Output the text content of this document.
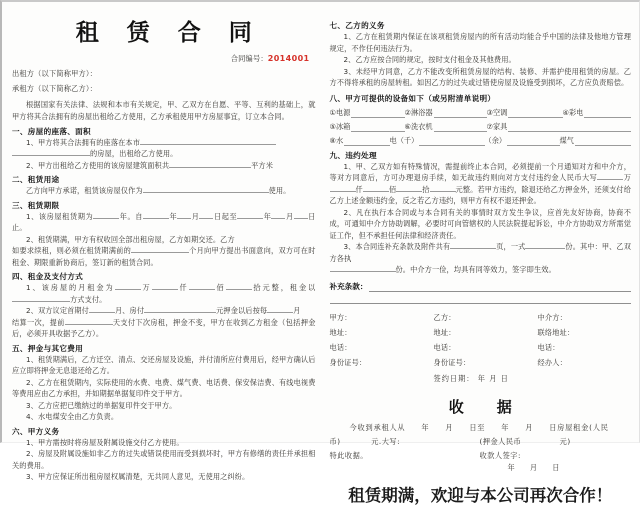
租 赁 合 同
合同编号：2014001
出租方（以下简称甲方）：
承租方（以下简称乙方）：
根据国家有关法律、法规和本市有关规定，甲、乙双方在自愿、平等、互利的基础上，就甲方将其合法拥有的房屋出租给乙方使用，乙方承租使用甲方房屋事宜，订立本合同。
一、房屋的座落、面积

1、甲方将其合法拥有的座落在本市

的房屋，出租给乙方使用。

2、甲方出租给乙方使用的该房屋建筑面积共	平方米

二、租赁用途

乙方向甲方承诺，租赁该房屋仅作为	使用。

三、租赁期限

1、该房屋租赁期为	年。自	年 月 日起至	年 月 日止。

2、租赁期满，甲方有权收回全部出租房屋，乙方如期交还。乙方

如要求续租，则必须在租赁期满前的	个月向甲方提出书面意向，双方可在时租金、期限重新协商后，签订新的租赁合同。

四、租金及支付方式

1、该房屋的月租金为	万	仟	佰	拾元整，租金以方式支付。

2、双方议定首期付	月、房付	元押金以后按每	月

结算一次，提前	天支付下次房租，押金不变，甲方在收到乙方租金（包括押金后，必须开具收据予乙方）。

五、押金与其它费用

1、租赁期满后，乙方迁空、清点、交还房屋及设施，并付清所应付费用后，经甲方确认后应立即将押金无息退还给乙方。

2、乙方在租赁期内，实际使用的水费、电费、煤气费、电话费、保安保洁费、有线电视费等费用应由乙方承担，并如期据单据复印件交于甲方。

3、乙方应把已缴纳过的单据复印件交于甲方。

4、水电煤安全由乙方负责。

六、甲方义务

1、甲方需按时将房屋及附属设施交付乙方使用。

2、房屋及附属设施如非乙方的过失或错误使用而受到损坏时，甲方有修缮的责任并承担相关的费用。

3、甲方应保证所出租房屋权属清楚，无共同人意见，无使用之纠纷。

七、乙方的义务

1、乙方在租赁期内保证在该项租赁房屋内的所有活动均能合乎中国的法律及他地方管理规定，不作任何违法行为。

2、乙方应按合同的规定，按时支付租金及其他费用。

3、未经甲方同意，乙方不能改变所租赁房屋的结构、装修、并需护使用租赁的房屋。乙方不得将承租的房屋转租。如因乙方的过失或过错使房屋及设施受到损坏，乙方应负责赔偿。

八、甲方可提供的设备如下（或另附清单说明）
①电源	②淋浴器	③空调	④彩电
⑤冰箱	⑥洗衣机	⑦家具
⑧水	电（千）	（余）	煤气
九、违约处理

1、甲、乙双方如有特殊情况，需提前终止本合同，必须提前一个月通知对方和中介方，等对方同意后，方可办理退房手续，如无故违约则向对方支付违约金人民币大写	万仟	佰	拾	元整。若甲方违约，除退还给乙方押金外，还须支付给乙方上述金额违约金，反之若乙方违约，则甲方有权不退还押金。

2、凡在执行本合同或与本合同有关的事情时双方发生争议，应首先友好协商，协商不成，可通知中介方协助调解，必要时可向管辖权的人民法院提起诉讼，中介方协助双方所需觉证工作，但不承担任何法律和经济责任。

3、本合同连补充条款及附件共有	页，一式	份。其中：甲、乙双方各执

份。中介方一俭，均具有同等效力，签字即生效。

补充条款：
甲方：
地址：
电话：
身份证号：
乙方：
地址：
电话：
身份证号：
中介方：
联络地址：
电话：
经办人：
签约日期： 年 月 日
收　据
今收到承租人从　　年　　月　　日至　　年　　月　　日房屋租金(人民
币)　　　　元.大写:	(押金人民币　　　　　元)
特此收据。	收款人签字:
年　月　日
租赁期满，欢迎与本公司再次合作！
